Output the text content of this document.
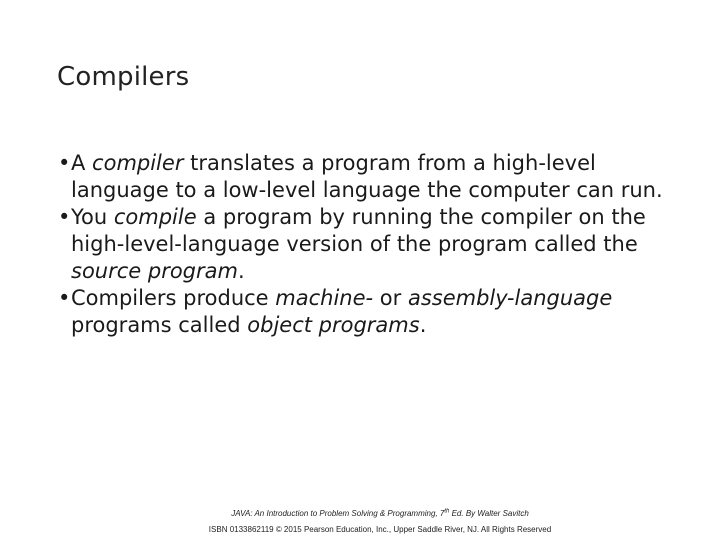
Compilers
• A compiler translates a program from a high-level language to a low-level language the computer can run.
• You compile a program by running the compiler on the high-level-language version of the program called the source program.
• Compilers produce machine- or assembly-language programs called object programs.
JAVA: An Introduction to Problem Solving & Programming, 7th Ed. By Walter Savitch
ISBN 0133862119 © 2015 Pearson Education, Inc., Upper Saddle River, NJ. All Rights Reserved
